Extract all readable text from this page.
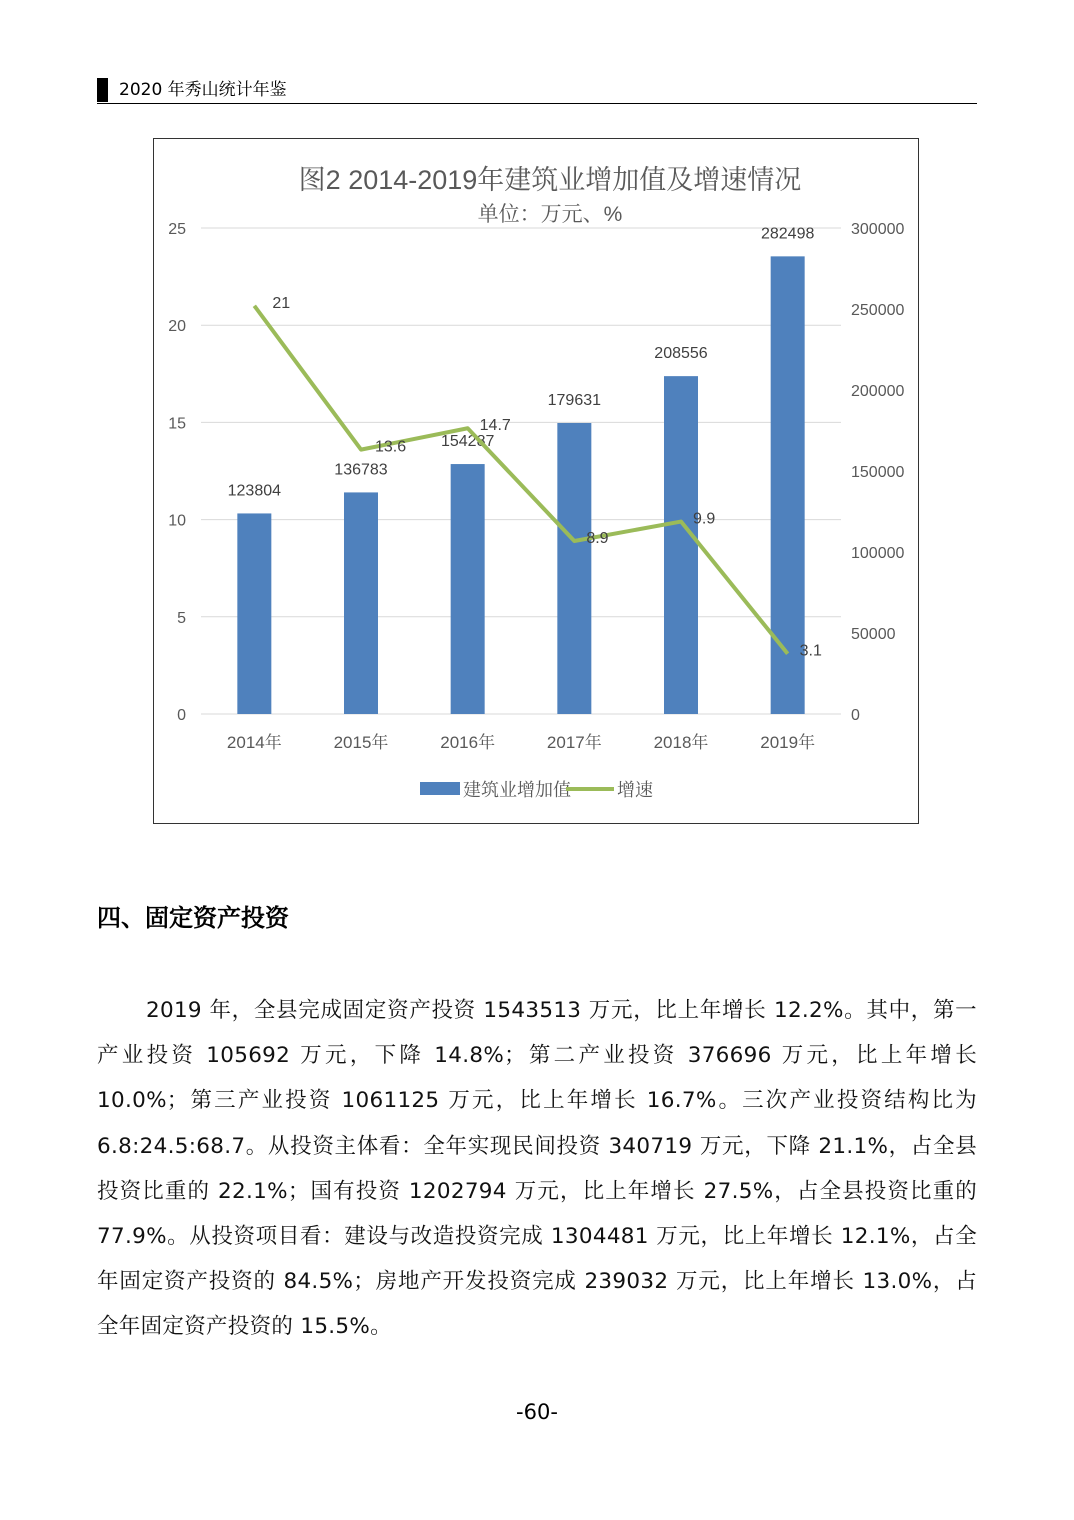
2020 年秀山统计年鉴
图2 2014-2019年建筑业增加值及增速情况
单位：万元、%
0
5
10
15
20
25
0
50000
100000
150000
200000
250000
300000
123804
136783
154287
179631
208556
282498
21
13.6
14.7
8.9
9.9
3.1
2014年	2015年	2016年	2017年	2018年	2019年
建筑业增加值	增速
四、固定资产投资
2019 年，全县完成固定资产投资 1543513 万元，比上年增长 12.2%。其中，第一产业投资 105692 万元，下降 14.8%；第二产业投资 376696 万元，比上年增长 10.0%；第三产业投资 1061125 万元，比上年增长 16.7%。三次产业投资结构比为 6.8:24.5:68.7。从投资主体看：全年实现民间投资 340719 万元，下降 21.1%，占全县投资比重的 22.1%；国有投资 1202794 万元，比上年增长 27.5%，占全县投资比重的 77.9%。从投资项目看：建设与改造投资完成 1304481 万元，比上年增长 12.1%，占全年固定资产投资的 84.5%；房地产开发投资完成 239032 万元，比上年增长 13.0%，占全年固定资产投资的 15.5%。
-60-
